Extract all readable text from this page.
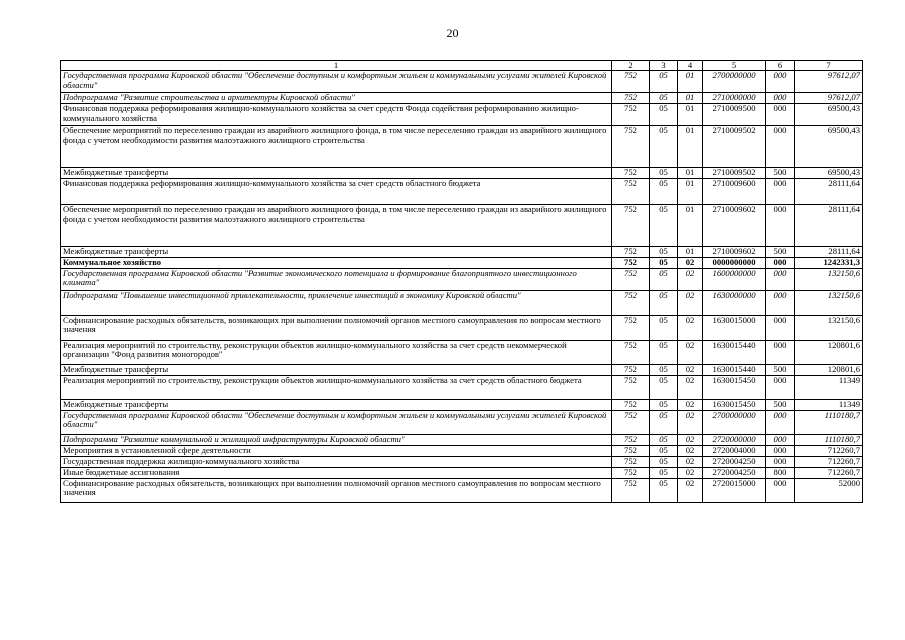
20
1	2	3	4	5	6	7
Государственная программа Кировской области "Обеспечение доступным и комфортным жильем и коммунальными услугами жителей Кировской области"	752	05	01	2700000000	000	97612,07
Подпрограмма "Развитие строительства и архитектуры Кировской области"	752	05	01	2710000000	000	97612,07
Финансовая поддержка реформирования жилищно-коммунального хозяйства за счет средств Фонда содействия реформированию жилищно-коммунального хозяйства	752	05	01	2710009500	000	69500,43
Обеспечение мероприятий по переселению граждан из аварийного жилищного фонда, в том числе переселению граждан из аварийного жилищного фонда с учетом необходимости развития малоэтажного жилищного строительства	752	05	01	2710009502	000	69500,43
Межбюджетные трансферты	752	05	01	2710009502	500	69500,43
Финансовая поддержка реформирования жилищно-коммунального хозяйства за счет средств областного бюджета	752	05	01	2710009600	000	28111,64
Обеспечение мероприятий по переселению граждан из аварийного жилищного фонда, в том числе переселению граждан из аварийного жилищного фонда с учетом необходимости развития малоэтажного жилищного строительства	752	05	01	2710009602	000	28111,64
Межбюджетные трансферты	752	05	01	2710009602	500	28111,64
Коммунальное хозяйство	752	05	02	0000000000	000	1242331,3
Государственная программа Кировской области "Развитие экономического потенциала и формирование благоприятного инвестиционного климата"	752	05	02	1600000000	000	132150,6
Подпрограмма "Повышение инвестиционной привлекательности, привлечение инвестиций в экономику Кировской области"	752	05	02	1630000000	000	132150,6
Софинансирование расходных обязательств, возникающих при выполнении полномочий органов местного самоуправления по вопросам местного значения	752	05	02	1630015000	000	132150,6
Реализация мероприятий по строительству, реконструкции объектов жилищно-коммунального хозяйства за счет средств некоммерческой организации "Фонд развития моногородов"	752	05	02	1630015440	000	120801,6
Межбюджетные трансферты	752	05	02	1630015440	500	120801,6
Реализация мероприятий по строительству, реконструкции объектов жилищно-коммунального хозяйства за счет средств областного бюджета	752	05	02	1630015450	000	11349
Межбюджетные трансферты	752	05	02	1630015450	500	11349
Государственная программа Кировской области "Обеспечение доступным и комфортным жильем и коммунальными услугами жителей Кировской области"	752	05	02	2700000000	000	1110180,7
Подпрограмма "Развитие коммунальной и жилищной инфраструктуры Кировской области"	752	05	02	2720000000	000	1110180,7
Мероприятия в установленной сфере деятельности	752	05	02	2720004000	000	712260,7
Государственная поддержка жилищно-коммунального хозяйства	752	05	02	2720004250	000	712260,7
Иные бюджетные ассигнования	752	05	02	2720004250	800	712260,7
Софинансирование расходных обязательств, возникающих при выполнении полномочий органов местного самоуправления по вопросам местного значения	752	05	02	2720015000	000	52000
